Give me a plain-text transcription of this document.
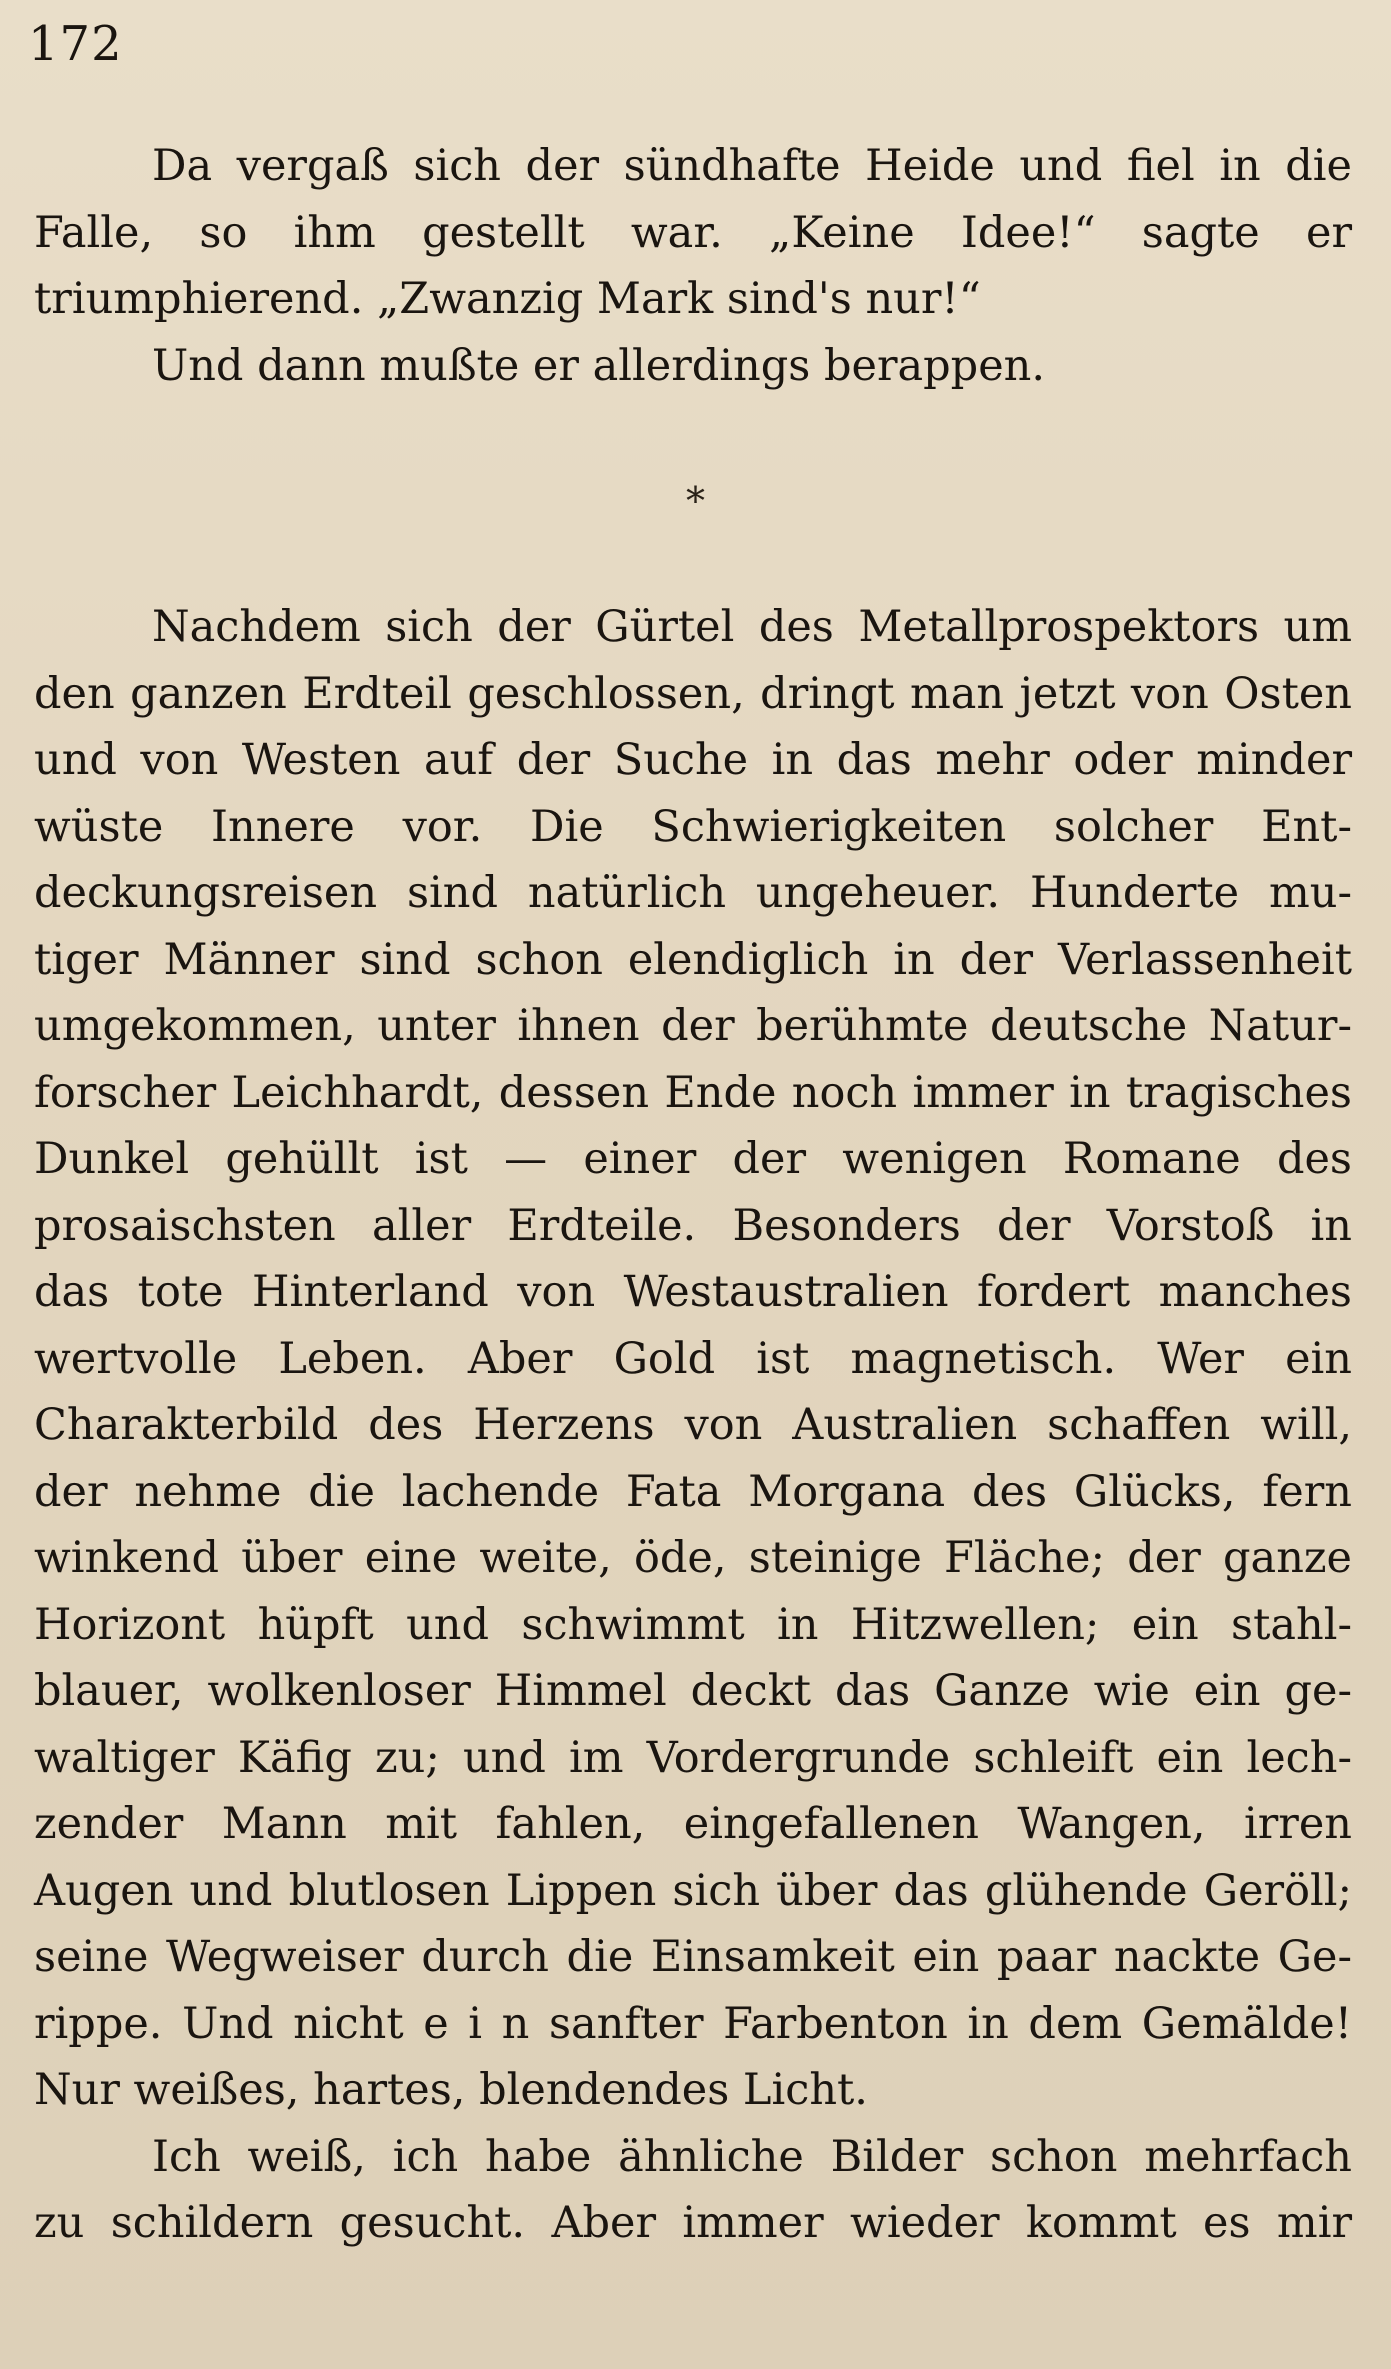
172
Da vergaß sich der sündhafte Heide und fiel in die
Falle, so ihm gestellt war. „Keine Idee!“ sagte er
triumphierend. „Zwanzig Mark sind's nur!“
Und dann mußte er allerdings berappen.
*
Nachdem sich der Gürtel des Metallprospektors um
den ganzen Erdteil geschlossen, dringt man jetzt von Osten
und von Westen auf der Suche in das mehr oder minder
wüste Innere vor. Die Schwierigkeiten solcher Ent-
deckungsreisen sind natürlich ungeheuer. Hunderte mu-
tiger Männer sind schon elendiglich in der Verlassenheit
umgekommen, unter ihnen der berühmte deutsche Natur-
forscher Leichhardt, dessen Ende noch immer in tragisches
Dunkel gehüllt ist — einer der wenigen Romane des
prosaischsten aller Erdteile. Besonders der Vorstoß in
das tote Hinterland von Westaustralien fordert manches
wertvolle Leben. Aber Gold ist magnetisch. Wer ein
Charakterbild des Herzens von Australien schaffen will,
der nehme die lachende Fata Morgana des Glücks, fern
winkend über eine weite, öde, steinige Fläche; der ganze
Horizont hüpft und schwimmt in Hitzwellen; ein stahl-
blauer, wolkenloser Himmel deckt das Ganze wie ein ge-
waltiger Käfig zu; und im Vordergrunde schleift ein lech-
zender Mann mit fahlen, eingefallenen Wangen, irren
Augen und blutlosen Lippen sich über das glühende Geröll;
seine Wegweiser durch die Einsamkeit ein paar nackte Ge-
rippe. Und nicht e i n sanfter Farbenton in dem Gemälde!
Nur weißes, hartes, blendendes Licht.
Ich weiß, ich habe ähnliche Bilder schon mehrfach
zu schildern gesucht. Aber immer wieder kommt es mir
